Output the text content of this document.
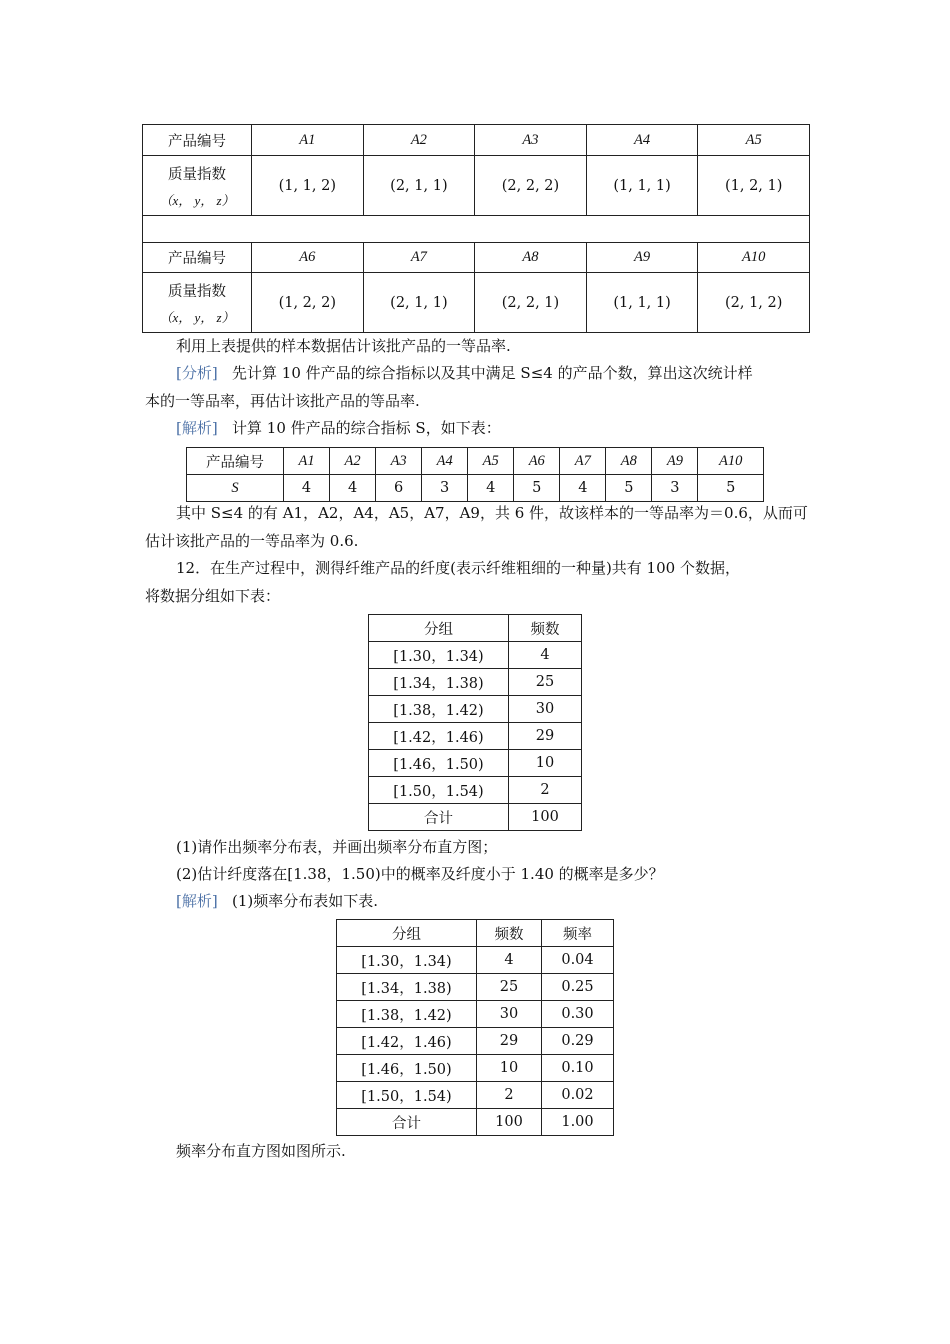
产品编号	A1	A2	A3	A4	A5

质量指数
（x， y， z）	(1, 1, 2)	(2, 1, 1)	(2, 2, 2)	(1, 1, 1)	(1, 2, 1)

产品编号	A6	A7	A8	A9	A10

质量指数
（x， y， z）	(1, 2, 2)	(2, 1, 1)	(2, 2, 1)	(1, 1, 1)	(2, 1, 2)
利用上表提供的样本数据估计该批产品的一等品率.
[分析] 先计算 10 件产品的综合指标以及其中满足 S≤4 的产品个数，算出这次统计样
本的一等品率，再估计该批产品的等品率.
[解析] 计算 10 件产品的综合指标 S，如下表：
产品编号	A1	A2	A3	A4	A5	A6	A7	A8	A9	A10
S	4	4	6	3	4	5	4	5	3	5
其中 S≤4 的有 A1，A2，A4，A5，A7，A9，共 6 件，故该样本的一等品率为＝0.6，从而可
估计该批产品的一等品率为 0.6.
12．在生产过程中，测得纤维产品的纤度(表示纤维粗细的一种量)共有 100 个数据，
将数据分组如下表：
分组	频数
[1.30，1.34)	4
[1.34，1.38)	25
[1.38，1.42)	30
[1.42，1.46)	29
[1.46，1.50)	10
[1.50，1.54)	2
合计	100
(1)请作出频率分布表，并画出频率分布直方图；
(2)估计纤度落在[1.38，1.50)中的概率及纤度小于 1.40 的概率是多少？
[解析] (1)频率分布表如下表.
分组	频数	频率
[1.30，1.34)	4	0.04
[1.34，1.38)	25	0.25
[1.38，1.42)	30	0.30
[1.42，1.46)	29	0.29
[1.46，1.50)	10	0.10
[1.50，1.54)	2	0.02
合计	100	1.00
频率分布直方图如图所示.
